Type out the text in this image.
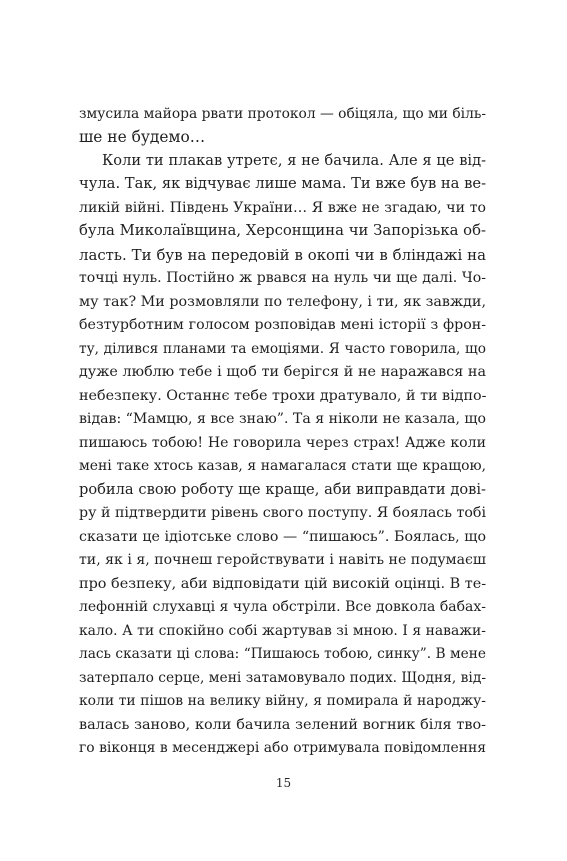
змусила майора рвати протокол — обіцяла, що ми біль-
ше не будемо…
Коли ти плакав утретє, я не бачила. Але я це від-
чула. Так, як відчуває лише мама. Ти вже був на ве-
ликій війні. Південь України… Я вже не згадаю, чи то
була Миколаївщина, Херсонщина чи Запорізька об-
ласть. Ти був на передовій в окопі чи в бліндажі на
точці нуль. Постійно ж рвався на нуль чи ще далі. Чо-
му так? Ми розмовляли по телефону, і ти, як завжди,
безтурботним голосом розповідав мені історії з фрон-
ту, ділився планами та емоціями. Я часто говорила, що
дуже люблю тебе і щоб ти берігся й не наражався на
небезпеку. Останнє тебе трохи дратувало, й ти відпо-
відав: “Мамцю, я все знаю”. Та я ніколи не казала, що
пишаюсь тобою! Не говорила через страх! Адже коли
мені таке хтось казав, я намагалася стати ще кращою,
робила свою роботу ще краще, аби виправдати дові-
ру й підтвердити рівень свого поступу. Я боялась тобі
сказати це ідіотське слово — “пишаюсь”. Боялась, що
ти, як і я, почнеш геройствувати і навіть не подумаєш
про безпеку, аби відповідати цій високій оцінці. В те-
лефонній слухавці я чула обстріли. Все довкола бабах-
кало. А ти спокійно собі жартував зі мною. І я наважи-
лась сказати ці слова: “Пишаюсь тобою, синку”. В мене
затерпало серце, мені затамовувало подих. Щодня, від-
коли ти пішов на велику війну, я помирала й народжу-
валась заново, коли бачила зелений вогник біля тво-
го віконця в месенджері або отримувала повідомлення
15
